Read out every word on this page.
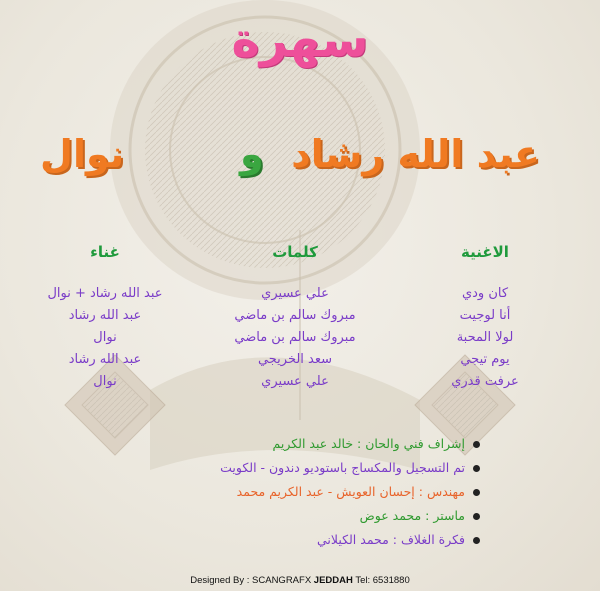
سهرة
عبد الله رشاد
و
نوال
الاغنية
كلمات
غناء
كان ودي
أنا لوجيت
لولا المحبة
يوم تيجي
عرفت قدري
علي عسيري
مبروك سالم بن ماضي
مبروك سالم بن ماضي
سعد الخريجي
علي عسيري
عبد الله رشاد + نوال
عبد الله رشاد
نوال
عبد الله رشاد
نوال
إشراف فني والحان : خالد عبد الكريم
تم التسجيل والمكساج باستوديو دندون - الكويت
مهندس : إحسان العويش - عبد الكريم محمد
ماستر : محمد عوض
فكرة الغلاف : محمد الكيلاني
Designed By : SCANGRAFX JEDDAH Tel: 6531880
